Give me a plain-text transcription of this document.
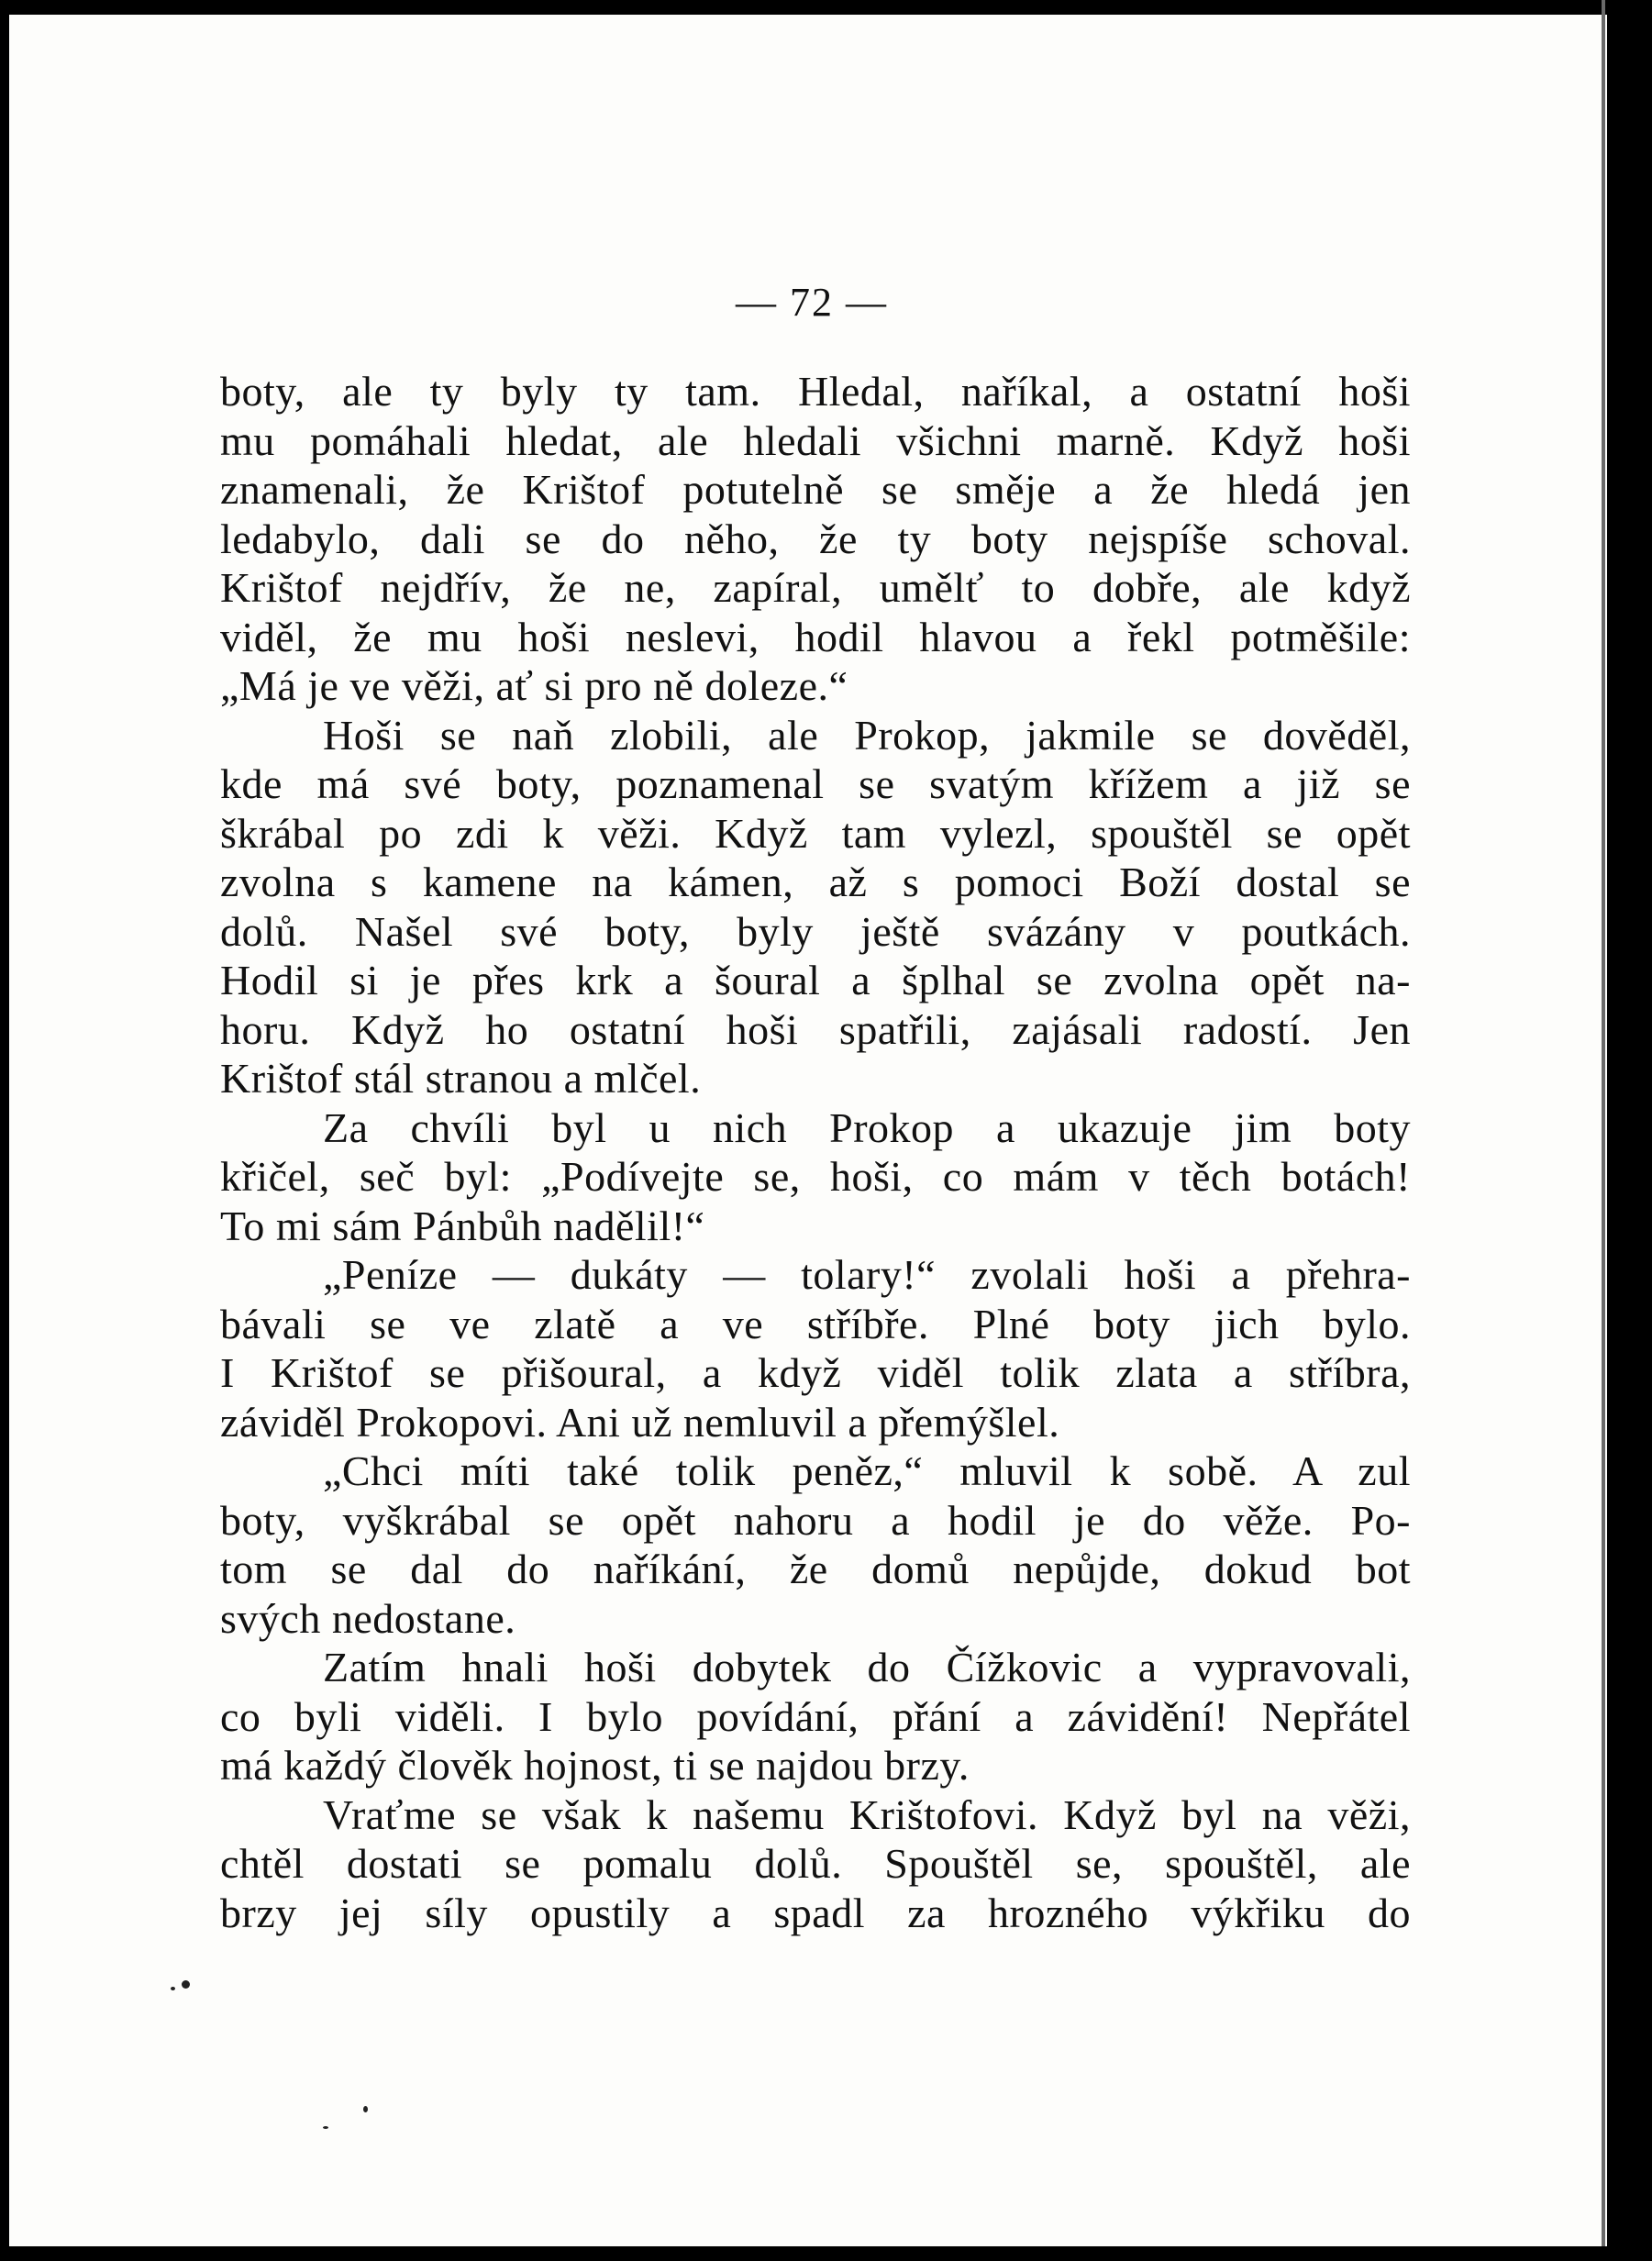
— 72 —
boty, ale ty byly ty tam. Hledal, naříkal, a ostatní hoši
mu pomáhali hledat, ale hledali všichni marně. Když hoši
znamenali, že Krištof potutelně se směje a že hledá jen
ledabylo, dali se do něho, že ty boty nejspíše schoval.
Krištof nejdřív, že ne, zapíral, umělť to dobře, ale když
viděl, že mu hoši neslevi, hodil hlavou a řekl potměšile:
„Má je ve věži, ať si pro ně doleze.“
Hoši se naň zlobili, ale Prokop, jakmile se dověděl,
kde má své boty, poznamenal se svatým křížem a již se
škrábal po zdi k věži. Když tam vylezl, spouštěl se opět
zvolna s kamene na kámen, až s pomoci Boží dostal se
dolů. Našel své boty, byly ještě svázány v poutkách.
Hodil si je přes krk a šoural a šplhal se zvolna opět na-
horu. Když ho ostatní hoši spatřili, zajásali radostí. Jen
Krištof stál stranou a mlčel.
Za chvíli byl u nich Prokop a ukazuje jim boty
křičel, seč byl: „Podívejte se, hoši, co mám v těch botách!
To mi sám Pánbůh nadělil!“
„Peníze — dukáty — tolary!“ zvolali hoši a přehra-
bávali se ve zlatě a ve stříbře. Plné boty jich bylo.
I Krištof se přišoural, a když viděl tolik zlata a stříbra,
záviděl Prokopovi. Ani už nemluvil a přemýšlel.
„Chci míti také tolik peněz,“ mluvil k sobě. A zul
boty, vyškrábal se opět nahoru a hodil je do věže. Po-
tom se dal do naříkání, že domů nepůjde, dokud bot
svých nedostane.
Zatím hnali hoši dobytek do Čížkovic a vypravovali,
co byli viděli. I bylo povídání, přání a závidění! Nepřátel
má každý člověk hojnost, ti se najdou brzy.
Vraťme se však k našemu Krištofovi. Když byl na věži,
chtěl dostati se pomalu dolů. Spouštěl se, spouštěl, ale
brzy jej síly opustily a spadl za hrozného výkřiku do
